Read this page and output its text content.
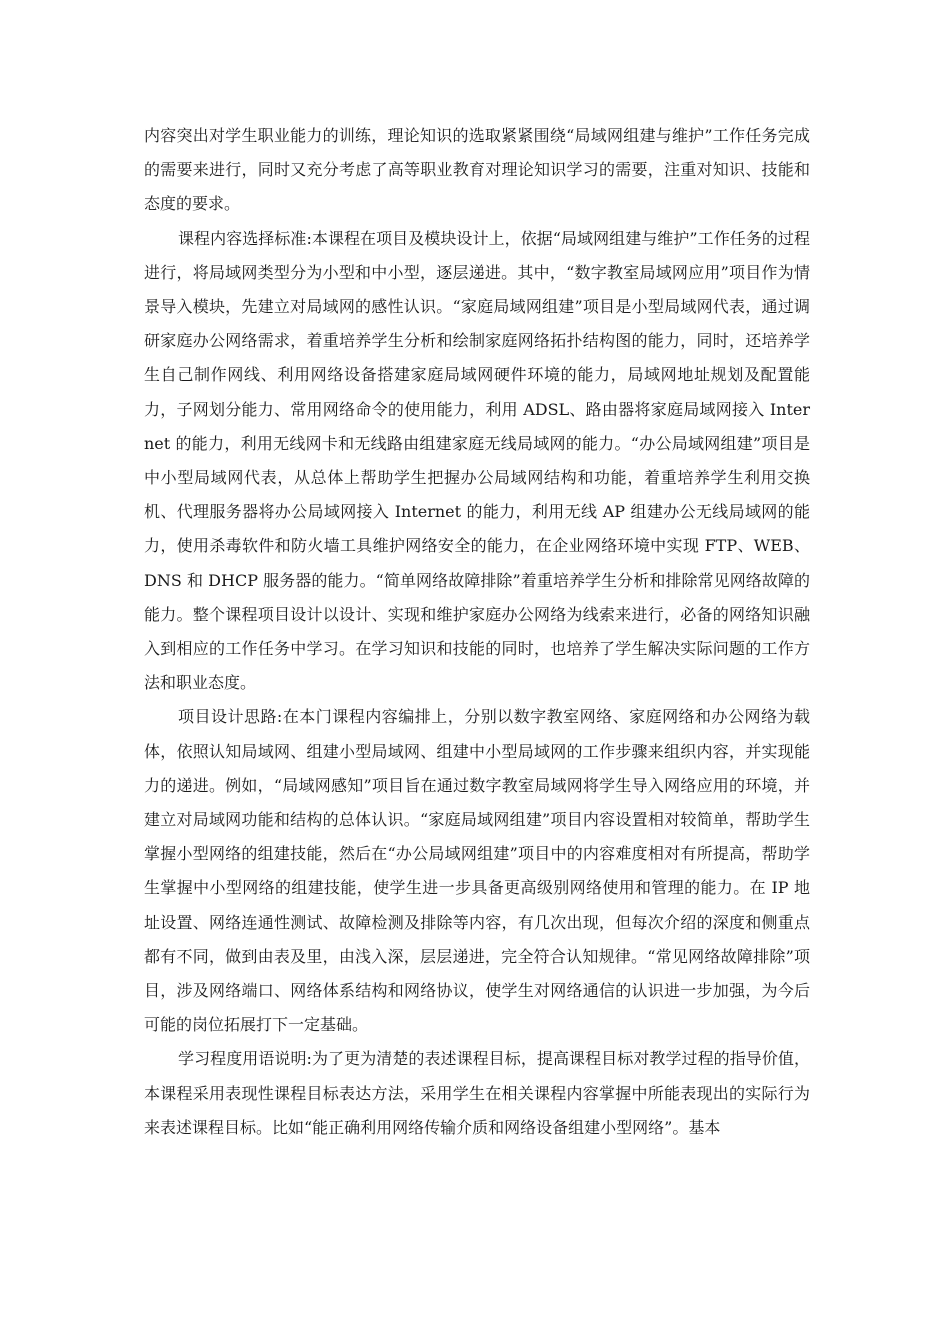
内容突出对学生职业能力的训练，理论知识的选取紧紧围绕“局域网组建与维护”工作任务完成的需要来进行，同时又充分考虑了高等职业教育对理论知识学习的需要，注重对知识、技能和态度的要求。

课程内容选择标准:本课程在项目及模块设计上，依据“局域网组建与维护”工作任务的过程进行，将局域网类型分为小型和中小型，逐层递进。其中，“数字教室局域网应用”项目作为情景导入模块，先建立对局域网的感性认识。“家庭局域网组建”项目是小型局域网代表，通过调研家庭办公网络需求，着重培养学生分析和绘制家庭网络拓扑结构图的能力，同时，还培养学生自己制作网线、利用网络设备搭建家庭局域网硬件环境的能力，局域网地址规划及配置能力，子网划分能力、常用网络命令的使用能力，利用 ADSL、路由器将家庭局域网接入 Internet 的能力，利用无线网卡和无线路由组建家庭无线局域网的能力。“办公局域网组建”项目是中小型局域网代表，从总体上帮助学生把握办公局域网结构和功能，着重培养学生利用交换机、代理服务器将办公局域网接入 Internet 的能力，利用无线 AP 组建办公无线局域网的能力，使用杀毒软件和防火墙工具维护网络安全的能力，在企业网络环境中实现 FTP、WEB、DNS 和 DHCP 服务器的能力。“简单网络故障排除”着重培养学生分析和排除常见网络故障的能力。整个课程项目设计以设计、实现和维护家庭办公网络为线索来进行，必备的网络知识融入到相应的工作任务中学习。在学习知识和技能的同时，也培养了学生解决实际问题的工作方法和职业态度。

项目设计思路:在本门课程内容编排上，分别以数字教室网络、家庭网络和办公网络为载体，依照认知局域网、组建小型局域网、组建中小型局域网的工作步骤来组织内容，并实现能力的递进。例如，“局域网感知”项目旨在通过数字教室局域网将学生导入网络应用的环境，并建立对局域网功能和结构的总体认识。“家庭局域网组建”项目内容设置相对较简单，帮助学生掌握小型网络的组建技能，然后在“办公局域网组建”项目中的内容难度相对有所提高，帮助学生掌握中小型网络的组建技能，使学生进一步具备更高级别网络使用和管理的能力。在 IP 地址设置、网络连通性测试、故障检测及排除等内容，有几次出现，但每次介绍的深度和侧重点都有不同，做到由表及里，由浅入深，层层递进，完全符合认知规律。“常见网络故障排除”项目，涉及网络端口、网络体系结构和网络协议，使学生对网络通信的认识进一步加强，为今后可能的岗位拓展打下一定基础。

学习程度用语说明:为了更为清楚的表述课程目标，提高课程目标对教学过程的指导价值，本课程采用表现性课程目标表达方法，采用学生在相关课程内容掌握中所能表现出的实际行为来表述课程目标。比如“能正确利用网络传输介质和网络设备组建小型网络”。基本
